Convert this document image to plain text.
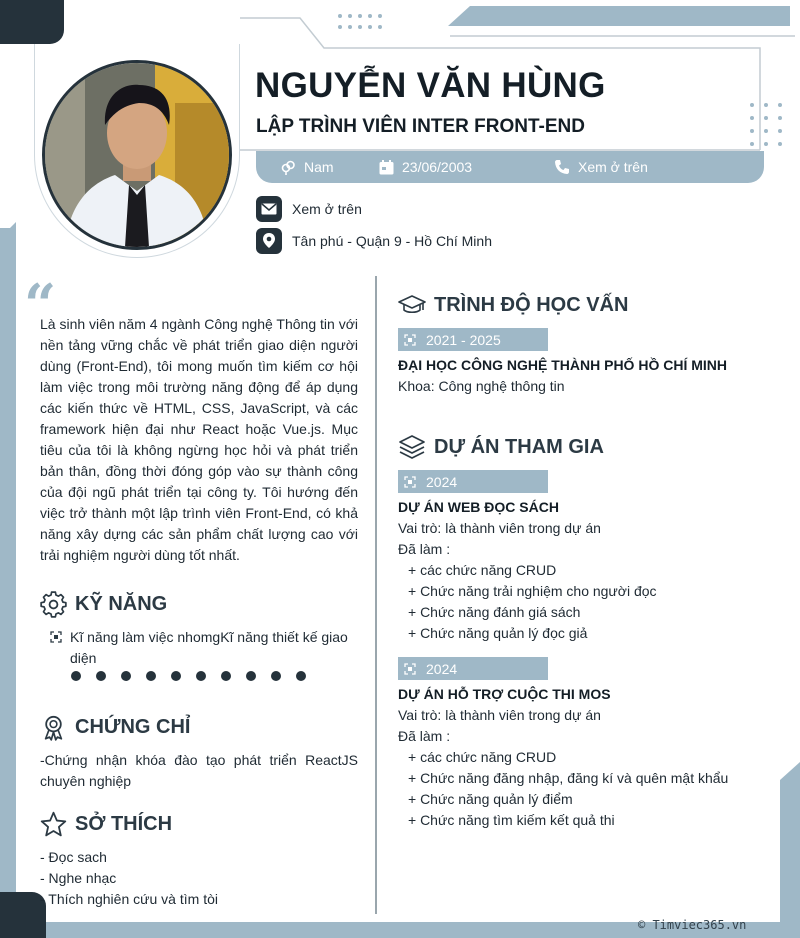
NGUYỄN VĂN HÙNG
LẬP TRÌNH VIÊN INTER FRONT-END
Nam	23/06/2003	Xem ở trên
Xem ở trên
Tân phú - Quận 9 - Hồ Chí Minh
“
Là sinh viên năm 4 ngành Công nghệ Thông tin với nền tảng vững chắc về phát triển giao diện người dùng (Front-End), tôi mong muốn tìm kiếm cơ hội làm việc trong môi trường năng động để áp dụng các kiến thức về HTML, CSS, JavaScript, và các framework hiện đại như React hoặc Vue.js. Mục tiêu của tôi là không ngừng học hỏi và phát triển bản thân, đồng thời đóng góp vào sự thành công của đội ngũ phát triển tại công ty. Tôi hướng đến việc trở thành một lập trình viên Front-End, có khả năng xây dựng các sản phẩm chất lượng cao với trải nghiệm người dùng tốt nhất.
KỸ NĂNG
Kĩ năng làm việc nhomgKĩ năng thiết kế giao diện
CHỨNG CHỈ
-Chứng nhận khóa đào tạo phát triển ReactJS chuyên nghiệp
SỞ THÍCH
- Đọc sach
- Nghe nhạc
- Thích nghiên cứu và tìm tòi
TRÌNH ĐỘ HỌC VẤN
2021 - 2025
ĐẠI HỌC CÔNG NGHỆ THÀNH PHỐ HỒ CHÍ MINH
Khoa: Công nghệ thông tin
DỰ ÁN THAM GIA
2024
DỰ ÁN WEB ĐỌC SÁCH
Vai trò: là thành viên trong dự án
Đã làm :
+ các chức năng CRUD
+ Chức năng trải nghiệm cho người đọc
+ Chức năng đánh giá sách
+ Chức năng quản lý đọc giả
2024
DỰ ÁN HỖ TRỢ CUỘC THI MOS
Vai trò: là thành viên trong dự án
Đã làm :
+ các chức năng CRUD
+ Chức năng đăng nhập, đăng kí và quên mật khẩu
+ Chức năng quản lý điểm
+ Chức năng tìm kiếm kết quả thi
© Timviec365.vn
